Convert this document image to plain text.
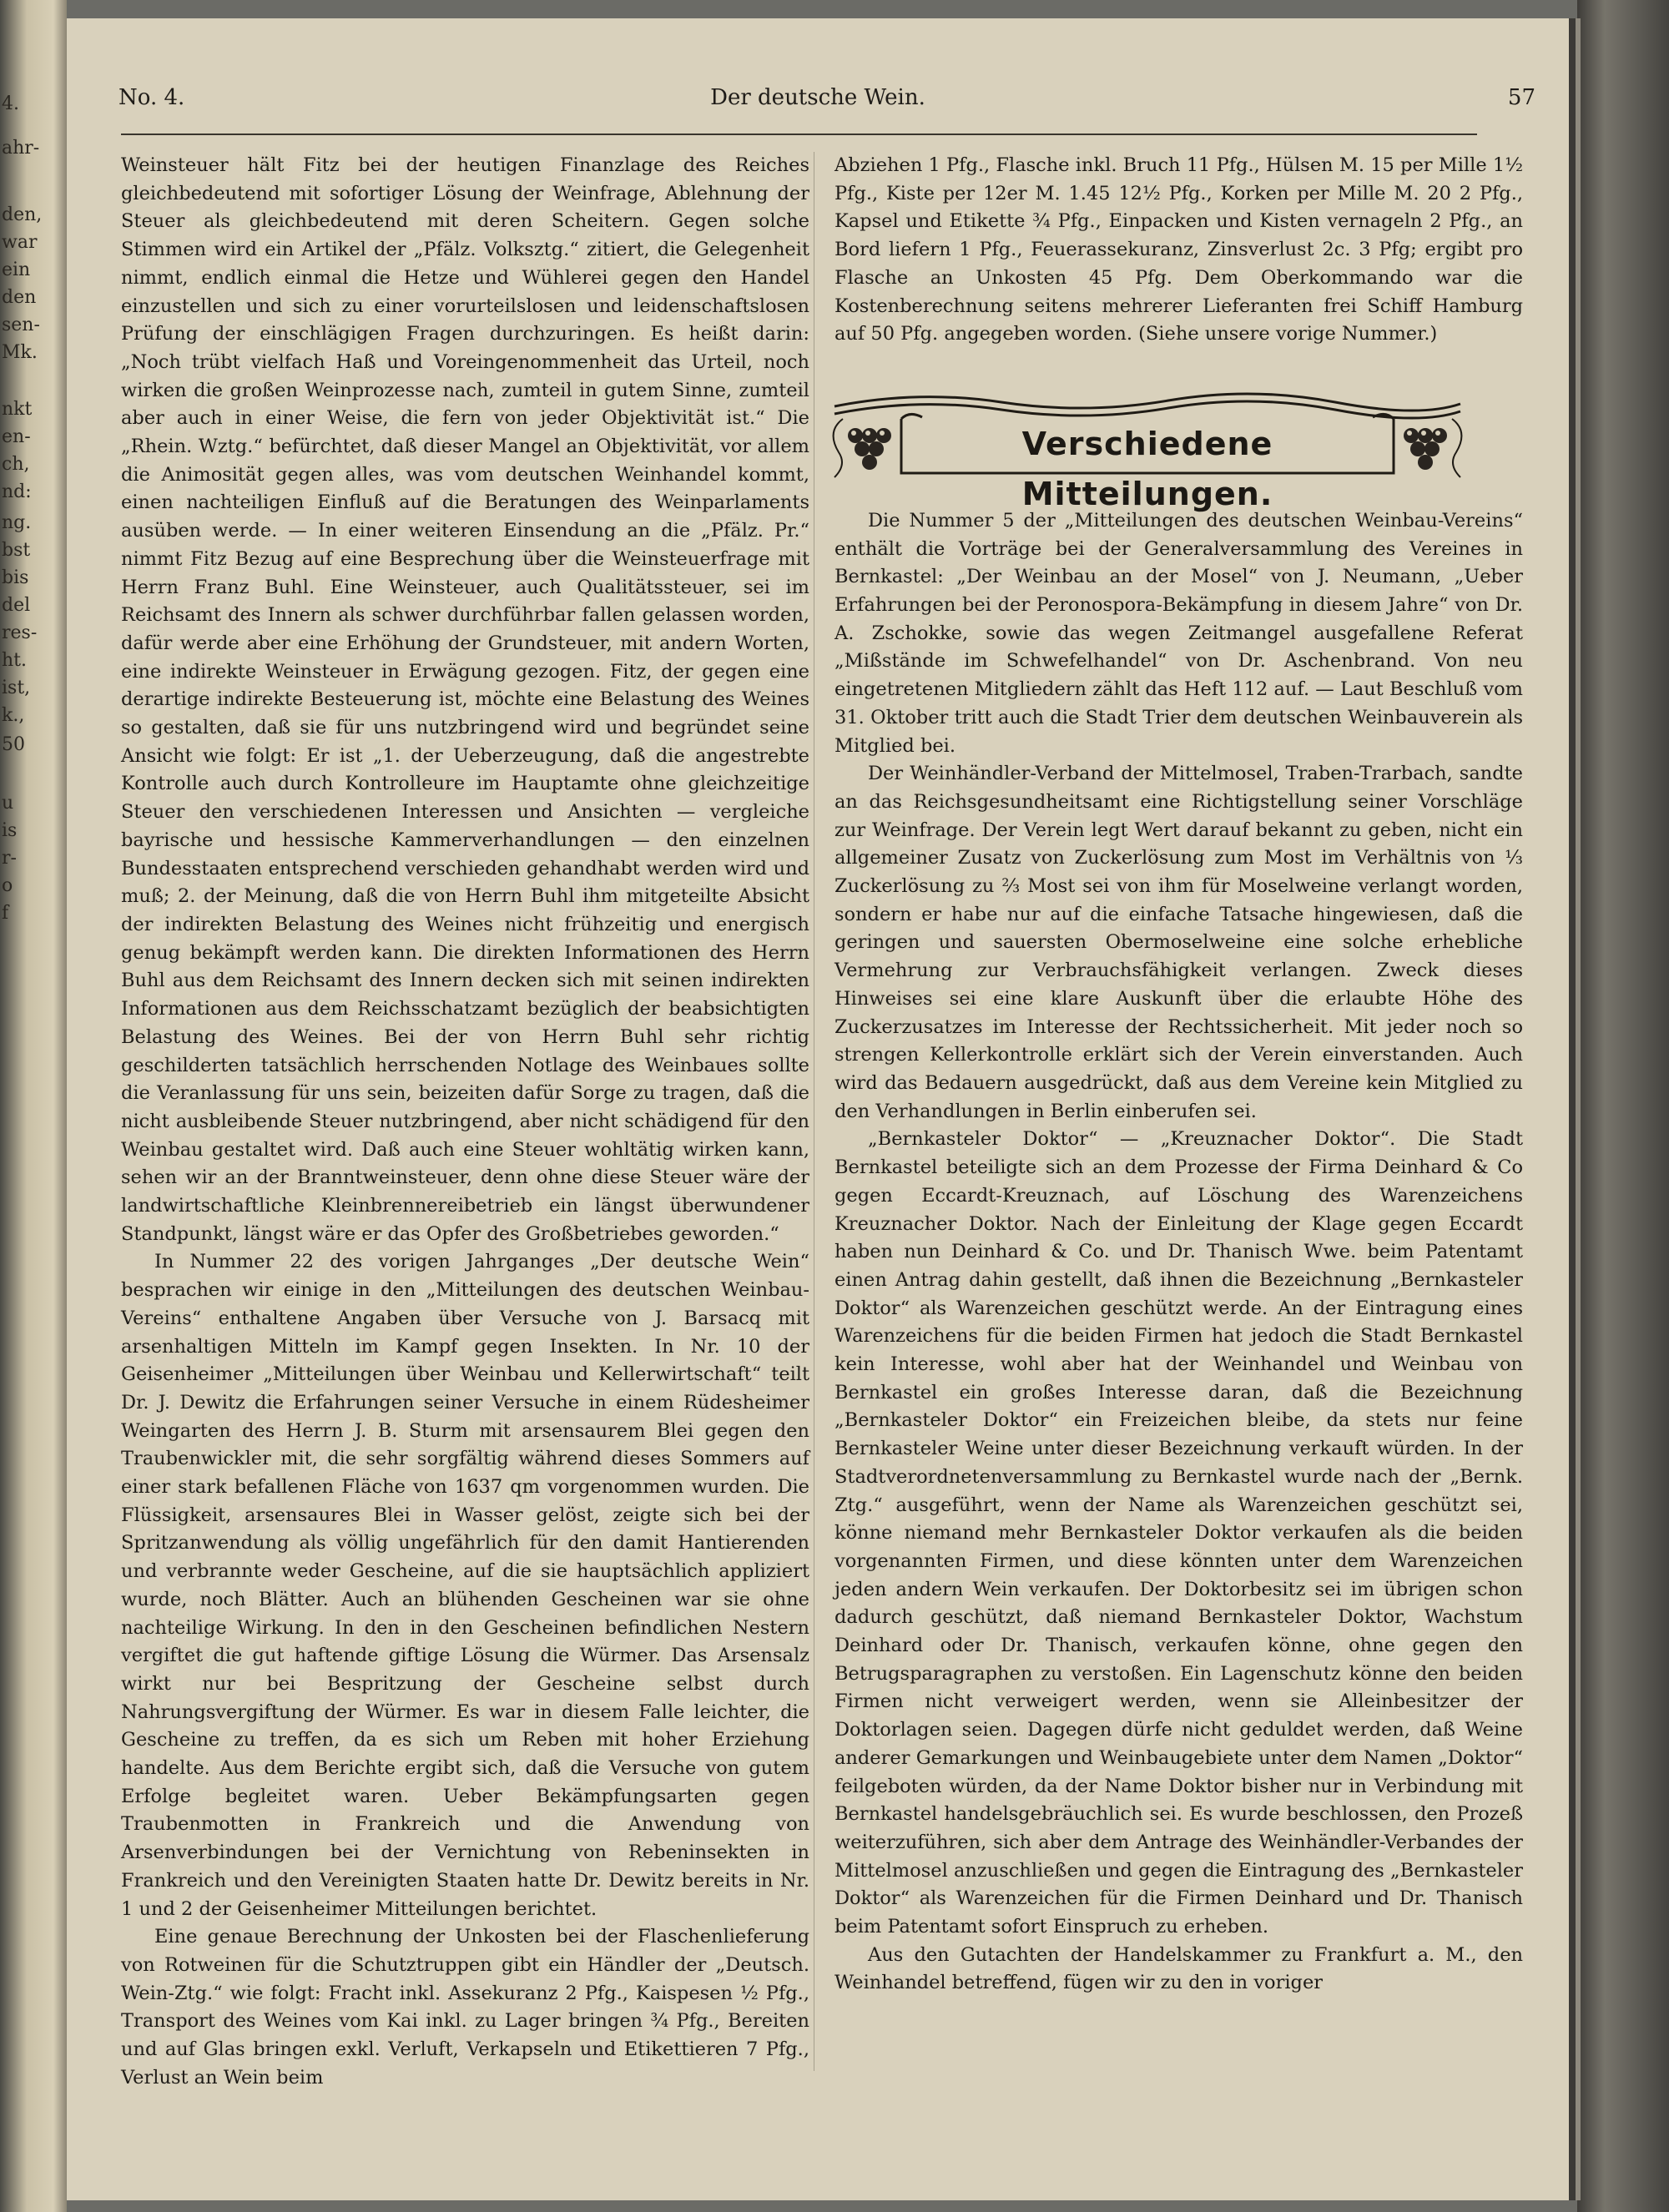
4.
ahr-
den,
war
ein
den
sen-
Mk.
nkt
en-
ch,
nd:
ng.
bst
bis
del
res-
ht.
ist,
k.,
50
u
is
r-
o
f
No. 4.	Der deutsche Wein.	57

Weinsteuer hält Fitz bei der heutigen Finanzlage des Reiches gleichbedeutend mit sofortiger Lösung der Weinfrage, Ablehnung der Steuer als gleichbedeutend mit deren Scheitern. Gegen solche Stimmen wird ein Artikel der „Pfälz. Volksztg.“ zitiert, die Gelegenheit nimmt, endlich einmal die Hetze und Wühlerei gegen den Handel einzustellen und sich zu einer vorurteilslosen und leidenschaftslosen Prüfung der einschlägigen Fragen durchzuringen. Es heißt darin: „Noch trübt vielfach Haß und Voreingenommenheit das Urteil, noch wirken die großen Weinprozesse nach, zumteil in gutem Sinne, zumteil aber auch in einer Weise, die fern von jeder Objektivität ist.“ Die „Rhein. Wztg.“ befürchtet, daß dieser Mangel an Objektivität, vor allem die Animosität gegen alles, was vom deutschen Weinhandel kommt, einen nachteiligen Einfluß auf die Beratungen des Weinparlaments ausüben werde. — In einer weiteren Einsendung an die „Pfälz. Pr.“ nimmt Fitz Bezug auf eine Besprechung über die Weinsteuerfrage mit Herrn Franz Buhl. Eine Weinsteuer, auch Qualitätssteuer, sei im Reichsamt des Innern als schwer durchführbar fallen gelassen worden, dafür werde aber eine Erhöhung der Grundsteuer, mit andern Worten, eine indirekte Weinsteuer in Erwägung gezogen. Fitz, der gegen eine derartige indirekte Besteuerung ist, möchte eine Belastung des Weines so gestalten, daß sie für uns nutzbringend wird und begründet seine Ansicht wie folgt: Er ist „1. der Ueberzeugung, daß die angestrebte Kontrolle auch durch Kontrolleure im Hauptamte ohne gleichzeitige Steuer den verschiedenen Interessen und Ansichten — vergleiche bayrische und hessische Kammerverhandlungen — den einzelnen Bundesstaaten entsprechend verschieden gehandhabt werden wird und muß; 2. der Meinung, daß die von Herrn Buhl ihm mitgeteilte Absicht der indirekten Belastung des Weines nicht frühzeitig und energisch genug bekämpft werden kann. Die direkten Informationen des Herrn Buhl aus dem Reichsamt des Innern decken sich mit seinen indirekten Informationen aus dem Reichsschatzamt bezüglich der beabsichtigten Belastung des Weines. Bei der von Herrn Buhl sehr richtig geschilderten tatsächlich herrschenden Notlage des Weinbaues sollte die Veranlassung für uns sein, beizeiten dafür Sorge zu tragen, daß die nicht ausbleibende Steuer nutzbringend, aber nicht schädigend für den Weinbau gestaltet wird. Daß auch eine Steuer wohltätig wirken kann, sehen wir an der Branntweinsteuer, denn ohne diese Steuer wäre der landwirtschaftliche Kleinbrennereibetrieb ein längst überwundener Standpunkt, längst wäre er das Opfer des Großbetriebes geworden.“

In Nummer 22 des vorigen Jahrganges „Der deutsche Wein“ besprachen wir einige in den „Mitteilungen des deutschen Weinbau-Vereins“ enthaltene Angaben über Versuche von J. Barsacq mit arsenhaltigen Mitteln im Kampf gegen Insekten. In Nr. 10 der Geisenheimer „Mitteilungen über Weinbau und Kellerwirtschaft“ teilt Dr. J. Dewitz die Erfahrungen seiner Versuche in einem Rüdesheimer Weingarten des Herrn J. B. Sturm mit arsensaurem Blei gegen den Traubenwickler mit, die sehr sorgfältig während dieses Sommers auf einer stark befallenen Fläche von 1637 qm vorgenommen wurden. Die Flüssigkeit, arsensaures Blei in Wasser gelöst, zeigte sich bei der Spritzanwendung als völlig ungefährlich für den damit Hantierenden und verbrannte weder Gescheine, auf die sie hauptsächlich appliziert wurde, noch Blätter. Auch an blühenden Gescheinen war sie ohne nachteilige Wirkung. In den in den Gescheinen befindlichen Nestern vergiftet die gut haftende giftige Lösung die Würmer. Das Arsensalz wirkt nur bei Bespritzung der Gescheine selbst durch Nahrungsvergiftung der Würmer. Es war in diesem Falle leichter, die Gescheine zu treffen, da es sich um Reben mit hoher Erziehung handelte. Aus dem Berichte ergibt sich, daß die Versuche von gutem Erfolge begleitet waren. Ueber Bekämpfungsarten gegen Traubenmotten in Frankreich und die Anwendung von Arsenverbindungen bei der Vernichtung von Rebeninsekten in Frankreich und den Vereinigten Staaten hatte Dr. Dewitz bereits in Nr. 1 und 2 der Geisenheimer Mitteilungen berichtet.

Eine genaue Berechnung der Unkosten bei der Flaschenlieferung von Rotweinen für die Schutztruppen gibt ein Händler der „Deutsch. Wein-Ztg.“ wie folgt: Fracht inkl. Assekuranz 2 Pfg., Kaispesen ½ Pfg., Transport des Weines vom Kai inkl. zu Lager bringen ¾ Pfg., Bereiten und auf Glas bringen exkl. Verluft, Verkapseln und Etikettieren 7 Pfg., Verlust an Wein beim

Abziehen 1 Pfg., Flasche inkl. Bruch 11 Pfg., Hülsen M. 15 per Mille 1½ Pfg., Kiste per 12er M. 1.45 12½ Pfg., Korken per Mille M. 20 2 Pfg., Kapsel und Etikette ¾ Pfg., Einpacken und Kisten vernageln 2 Pfg., an Bord liefern 1 Pfg., Feuerassekuranz, Zinsverlust 2c. 3 Pfg; ergibt pro Flasche an Unkosten 45 Pfg. Dem Oberkommando war die Kostenberechnung seitens mehrerer Lieferanten frei Schiff Hamburg auf 50 Pfg. angegeben worden. (Siehe unsere vorige Nummer.)

Die Nummer 5 der „Mitteilungen des deutschen Weinbau-Vereins“ enthält die Vorträge bei der Generalversammlung des Vereines in Bernkastel: „Der Weinbau an der Mosel“ von J. Neumann, „Ueber Erfahrungen bei der Peronospora-Bekämpfung in diesem Jahre“ von Dr. A. Zschokke, sowie das wegen Zeitmangel ausgefallene Referat „Mißstände im Schwefelhandel“ von Dr. Aschenbrand. Von neu eingetretenen Mitgliedern zählt das Heft 112 auf. — Laut Beschluß vom 31. Oktober tritt auch die Stadt Trier dem deutschen Weinbauverein als Mitglied bei.

Der Weinhändler-Verband der Mittelmosel, Traben-Trarbach, sandte an das Reichsgesundheitsamt eine Richtigstellung seiner Vorschläge zur Weinfrage. Der Verein legt Wert darauf bekannt zu geben, nicht ein allgemeiner Zusatz von Zuckerlösung zum Most im Verhältnis von ⅓ Zuckerlösung zu ⅔ Most sei von ihm für Moselweine verlangt worden, sondern er habe nur auf die einfache Tatsache hingewiesen, daß die geringen und sauersten Obermoselweine eine solche erhebliche Vermehrung zur Verbrauchsfähigkeit verlangen. Zweck dieses Hinweises sei eine klare Auskunft über die erlaubte Höhe des Zuckerzusatzes im Interesse der Rechtssicherheit. Mit jeder noch so strengen Kellerkontrolle erklärt sich der Verein einverstanden. Auch wird das Bedauern ausgedrückt, daß aus dem Vereine kein Mitglied zu den Verhandlungen in Berlin einberufen sei.

„Bernkasteler Doktor“ — „Kreuznacher Doktor“. Die Stadt Bernkastel beteiligte sich an dem Prozesse der Firma Deinhard & Co gegen Eccardt-Kreuznach, auf Löschung des Warenzeichens Kreuznacher Doktor. Nach der Einleitung der Klage gegen Eccardt haben nun Deinhard & Co. und Dr. Thanisch Wwe. beim Patentamt einen Antrag dahin gestellt, daß ihnen die Bezeichnung „Bernkasteler Doktor“ als Warenzeichen geschützt werde. An der Eintragung eines Warenzeichens für die beiden Firmen hat jedoch die Stadt Bernkastel kein Interesse, wohl aber hat der Weinhandel und Weinbau von Bernkastel ein großes Interesse daran, daß die Bezeichnung „Bernkasteler Doktor“ ein Freizeichen bleibe, da stets nur feine Bernkasteler Weine unter dieser Bezeichnung verkauft würden. In der Stadtverordnetenversammlung zu Bernkastel wurde nach der „Bernk. Ztg.“ ausgeführt, wenn der Name als Warenzeichen geschützt sei, könne niemand mehr Bernkasteler Doktor verkaufen als die beiden vorgenannten Firmen, und diese könnten unter dem Warenzeichen jeden andern Wein verkaufen. Der Doktorbesitz sei im übrigen schon dadurch geschützt, daß niemand Bernkasteler Doktor, Wachstum Deinhard oder Dr. Thanisch, verkaufen könne, ohne gegen den Betrugsparagraphen zu verstoßen. Ein Lagenschutz könne den beiden Firmen nicht verweigert werden, wenn sie Alleinbesitzer der Doktorlagen seien. Dagegen dürfe nicht geduldet werden, daß Weine anderer Gemarkungen und Weinbaugebiete unter dem Namen „Doktor“ feilgeboten würden, da der Name Doktor bisher nur in Verbindung mit Bernkastel handelsgebräuchlich sei. Es wurde beschlossen, den Prozeß weiterzuführen, sich aber dem Antrage des Weinhändler-Verbandes der Mittelmosel anzuschließen und gegen die Eintragung des „Bernkasteler Doktor“ als Warenzeichen für die Firmen Deinhard und Dr. Thanisch beim Patentamt sofort Einspruch zu erheben.

Aus den Gutachten der Handelskammer zu Frankfurt a. M., den Weinhandel betreffend, fügen wir zu den in voriger

Verschiedene Mitteilungen.
